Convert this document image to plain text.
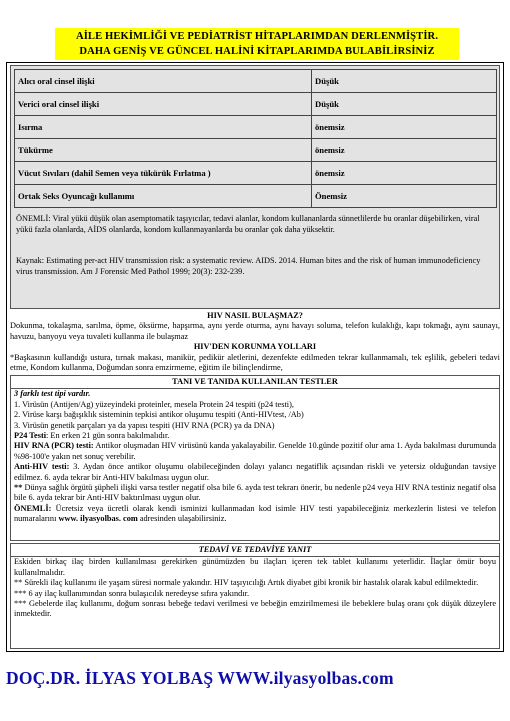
AİLE HEKİMLİĞİ VE PEDİATRİST HİTAPLARIMDAN DERLENMİŞTİR.
DAHA GENİŞ VE GÜNCEL HALİNİ KİTAPLARIMDA BULABİLİRSİNİZ
Alıcı oral cinsel ilişki	Düşük
Verici oral cinsel ilişki	Düşük
Isırma	önemsiz
Tükürme	önemsiz
Vücut Sıvıları (dahil Semen veya tükürük Fırlatma )	önemsiz
Ortak Seks Oyuncağı kullanımı	Önemsiz
ÖNEMLİ: Viral yükü düşük olan asemptomatik taşıyıcılar, tedavi alanlar, kondom kullananlarda sünnetlilerde bu oranlar düşebilirken, viral yükü fazla olanlarda, AİDS olanlarda, kondom kullanmayanlarda bu oranlar çok daha yüksektir.
Kaynak: Estimating per-act HIV transmission risk: a systematic review. AIDS. 2014. Human bites and the risk of human immunodeficiency virus transmission. Am J Forensic Med Pathol 1999; 20(3): 232-239.
HIV NASIL BULAŞMAZ?
Dokunma, tokalaşma, sarılma, öpme, öksürme, hapşırma, aynı yerde oturma, aynı havayı soluma, telefon kulaklığı, kapı tokmağı, aynı saunayı, havuzu, banyoyu veya tuvaleti kullanma ile bulaşmaz
HIV'DEN KORUNMA YOLLARI
*Başkasının kullandığı ustura, tırnak makası, manikür, pedikür aletlerini, dezenfekte edilmeden tekrar kullanmamalı, tek eşlilik, gebeleri tedavi etme, Kondom kullanma, Doğumdan sonra emzirmeme, eğitim ile bilinçlendirme,
TANI VE TANIDA KULLANILAN TESTLER
3 farklı test tipi vardır.
1. Virüsün (Antijen/Ag) yüzeyindeki proteinler, mesela Protein 24 tespiti (p24 testi),
2. Virüse karşı bağışıklık sisteminin tepkisi antikor oluşumu tespiti (Anti-HIVtest, /Ab)
3. Virüsün genetik parçaları ya da yapısı tespiti (HIV RNA (PCR) ya da DNA)
P24 Testi: En erken 21 gün sonra bakılmalıdır.
HIV RNA (PCR) testi: Antikor oluşmadan HIV virüsünü kanda yakalayabilir. Genelde 10.günde pozitif olur ama 1. Ayda bakılması durumunda %98-100'e yakın net sonuç verebilir.
Anti-HIV testi: 3. Aydan önce antikor oluşumu olabileceğinden dolayı yalancı negatiflik açısından riskli ve yetersiz olduğundan tavsiye edilmez. 6. ayda tekrar bir Anti-HIV bakılması uygun olur.
** Dünya sağlık örgütü şüpheli ilişki varsa testler negatif olsa bile 6. ayda test tekrarı önerir, bu nedenle p24 veya HIV RNA testiniz negatif olsa bile 6. ayda tekrar bir Anti-HIV baktırılması uygun olur.
ÖNEMLİ: Ücretsiz veya ücretli olarak kendi isminizi kullanmadan kod isimle HIV testi yapabileceğiniz merkezlerin listesi ve telefon numaralarını www. ilyasyolbas. com adresinden ulaşabilirsiniz.
TEDAVİ VE TEDAVİYE YANIT
Eskiden birkaç ilaç birden kullanılması gerekirken günümüzden bu ilaçları içeren tek tablet kullanımı yeterlidir. İlaçlar ömür boyu kullanılmalıdır.
** Sürekli ilaç kullanımı ile yaşam süresi normale yakındır. HIV taşıyıcılığı Artık diyabet gibi kronik bir hastalık olarak kabul edilmektedir.
*** 6 ay ilaç kullanımından sonra bulaşıcılık neredeyse sıfıra yakındır.
*** Gebelerde ilaç kullanımı, doğum sonrası bebeğe tedavi verilmesi ve bebeğin emzirilmemesi ile bebeklere bulaş oranı çok düşük düzeylere inmektedir.
DOÇ.DR. İLYAS YOLBAŞ WWW.ilyasyolbas.com
